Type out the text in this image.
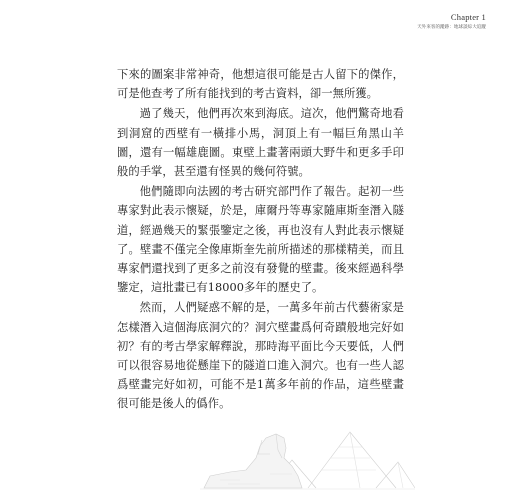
Chapter 1
天外來客的蹤跡：地球談綜大追蹤

下來的圖案非常神奇，他想這很可能是古人留下的傑作，可是他查考了所有能找到的考古資料，卻一無所獲。

過了幾天，他們再次來到海底。這次，他們驚奇地看到洞窟的西壁有一橫排小馬，洞頂上有一幅巨角黑山羊圖，還有一幅雄鹿圖。東壁上畫著兩頭大野牛和更多手印般的手掌，甚至還有怪異的幾何符號。

他們隨即向法國的考古研究部門作了報告。起初一些專家對此表示懷疑，於是，庫爾丹等專家隨庫斯奎潛入隧道，經過幾天的緊張鑒定之後，再也沒有人對此表示懷疑了。壁畫不僅完全像庫斯奎先前所描述的那樣精美，而且專家們還找到了更多之前沒有發覺的壁畫。後來經過科學鑒定，這批畫已有18000多年的歷史了。

然而，人們疑惑不解的是，一萬多年前古代藝術家是怎樣潛入這個海底洞穴的？洞穴壁畫爲何奇蹟般地完好如初？有的考古學家解釋說，那時海平面比今天要低，人們可以很容易地從懸崖下的隧道口進入洞穴。也有一些人認爲壁畫完好如初，可能不是1萬多年前的作品，這些壁畫很可能是後人的僞作。
